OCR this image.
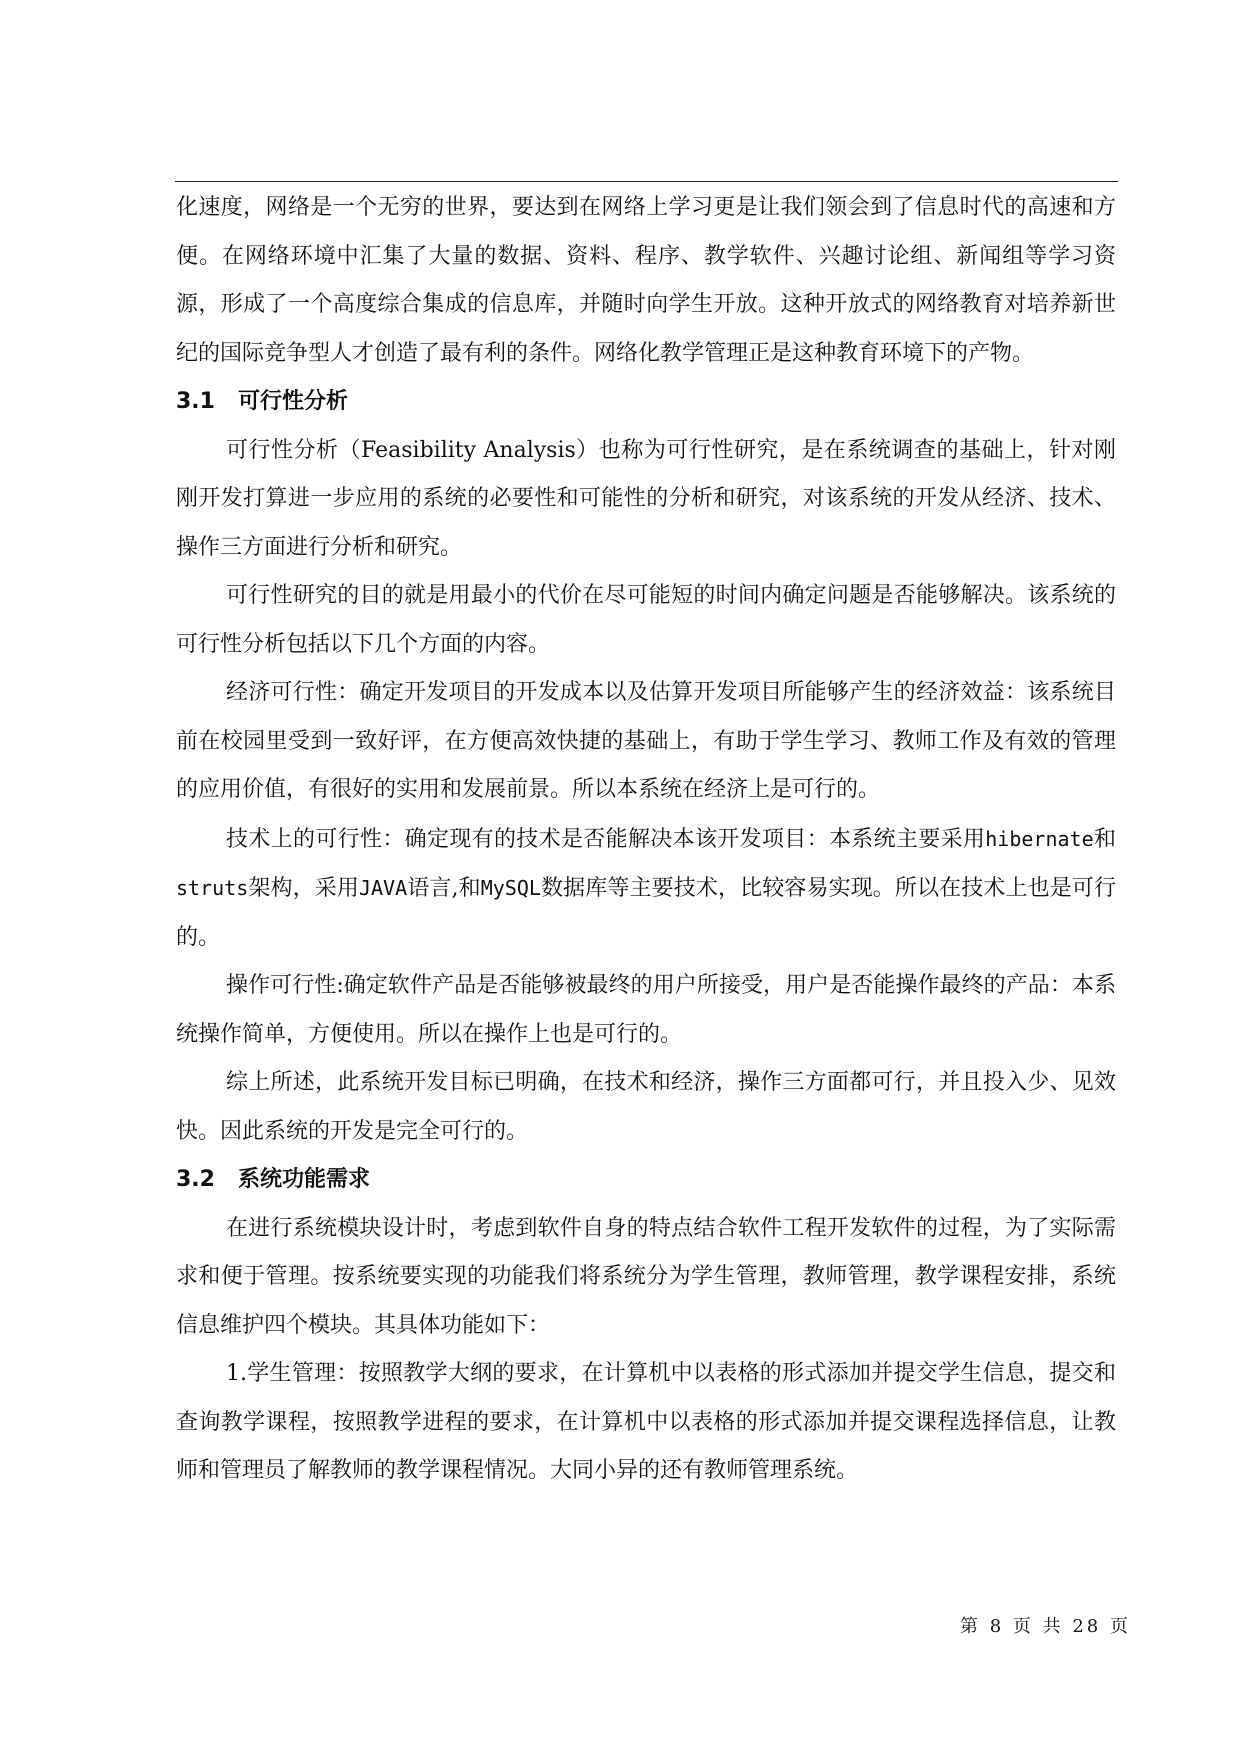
化速度，网络是一个无穷的世界，要达到在网络上学习更是让我们领会到了信息时代的高速和方便。在网络环境中汇集了大量的数据、资料、程序、教学软件、兴趣讨论组、新闻组等学习资源，形成了一个高度综合集成的信息库，并随时向学生开放。这种开放式的网络教育对培养新世纪的国际竞争型人才创造了最有利的条件。网络化教学管理正是这种教育环境下的产物。

3.1 可行性分析

可行性分析（Feasibility Analysis）也称为可行性研究，是在系统调查的基础上，针对刚刚开发打算进一步应用的系统的必要性和可能性的分析和研究，对该系统的开发从经济、技术、操作三方面进行分析和研究。

可行性研究的目的就是用最小的代价在尽可能短的时间内确定问题是否能够解决。该系统的可行性分析包括以下几个方面的内容。

经济可行性：确定开发项目的开发成本以及估算开发项目所能够产生的经济效益：该系统目前在校园里受到一致好评，在方便高效快捷的基础上，有助于学生学习、教师工作及有效的管理的应用价值，有很好的实用和发展前景。所以本系统在经济上是可行的。

技术上的可行性：确定现有的技术是否能解决本该开发项目：本系统主要采用hibernate和struts架构，采用JAVA语言,和MySQL数据库等主要技术，比较容易实现。所以在技术上也是可行的。

操作可行性:确定软件产品是否能够被最终的用户所接受，用户是否能操作最终的产品：本系统操作简单，方便使用。所以在操作上也是可行的。

综上所述，此系统开发目标已明确，在技术和经济，操作三方面都可行，并且投入少、见效快。因此系统的开发是完全可行的。

3.2 系统功能需求

在进行系统模块设计时，考虑到软件自身的特点结合软件工程开发软件的过程，为了实际需求和便于管理。按系统要实现的功能我们将系统分为学生管理，教师管理，教学课程安排，系统信息维护四个模块。其具体功能如下：

1.学生管理：按照教学大纲的要求，在计算机中以表格的形式添加并提交学生信息，提交和查询教学课程，按照教学进程的要求，在计算机中以表格的形式添加并提交课程选择信息，让教师和管理员了解教师的教学课程情况。大同小异的还有教师管理系统。

第 8 页 共 28 页
